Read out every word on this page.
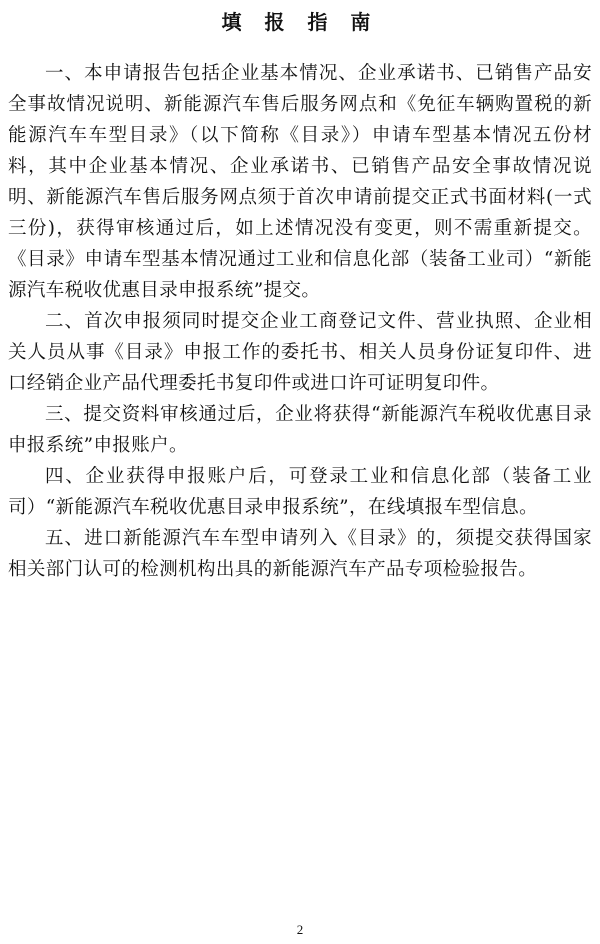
填 报 指 南

一、本申请报告包括企业基本情况、企业承诺书、已销售产品安全事故情况说明、新能源汽车售后服务网点和《免征车辆购置税的新能源汽车车型目录》（以下简称《目录》）申请车型基本情况五份材料，其中企业基本情况、企业承诺书、已销售产品安全事故情况说明、新能源汽车售后服务网点须于首次申请前提交正式书面材料(一式三份)，获得审核通过后，如上述情况没有变更，则不需重新提交。《目录》申请车型基本情况通过工业和信息化部（装备工业司）“新能源汽车税收优惠目录申报系统”提交。

二、首次申报须同时提交企业工商登记文件、营业执照、企业相关人员从事《目录》申报工作的委托书、相关人员身份证复印件、进口经销企业产品代理委托书复印件或进口许可证明复印件。

三、提交资料审核通过后，企业将获得“新能源汽车税收优惠目录申报系统”申报账户。

四、企业获得申报账户后，可登录工业和信息化部（装备工业司）“新能源汽车税收优惠目录申报系统”，在线填报车型信息。

五、进口新能源汽车车型申请列入《目录》的，须提交获得国家相关部门认可的检测机构出具的新能源汽车产品专项检验报告。

2
